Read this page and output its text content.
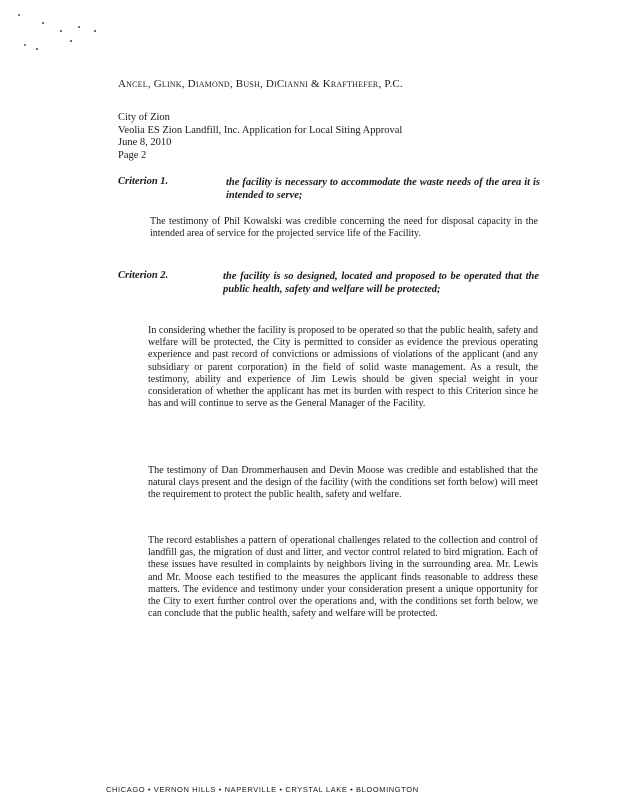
Ancel, Glink, Diamond, Bush, DiCianni & Krafthefer, P.C.
City of Zion
Veolia ES Zion Landfill, Inc. Application for Local Siting Approval
June 8, 2010
Page 2
Criterion 1.	the facility is necessary to accommodate the waste needs of the area it is intended to serve;
The testimony of Phil Kowalski was credible concerning the need for disposal capacity in the intended area of service for the projected service life of the Facility.
Criterion 2.	the facility is so designed, located and proposed to be operated that the public health, safety and welfare will be protected;
In considering whether the facility is proposed to be operated so that the public health, safety and welfare will be protected, the City is permitted to consider as evidence the previous operating experience and past record of convictions or admissions of violations of the applicant (and any subsidiary or parent corporation) in the field of solid waste management. As a result, the testimony, ability and experience of Jim Lewis should be given special weight in your consideration of whether the applicant has met its burden with respect to this Criterion since he has and will continue to serve as the General Manager of the Facility.
The testimony of Dan Drommerhausen and Devin Moose was credible and established that the natural clays present and the design of the facility (with the conditions set forth below) will meet the requirement to protect the public health, safety and welfare.
The record establishes a pattern of operational challenges related to the collection and control of landfill gas, the migration of dust and litter, and vector control related to bird migration. Each of these issues have resulted in complaints by neighbors living in the surrounding area. Mr. Lewis and Mr. Moose each testified to the measures the applicant finds reasonable to address these matters. The evidence and testimony under your consideration present a unique opportunity for the City to exert further control over the operations and, with the conditions set forth below, we can conclude that the public health, safety and welfare will be protected.
CHICAGO • VERNON HILLS • NAPERVILLE • CRYSTAL LAKE • BLOOMINGTON
